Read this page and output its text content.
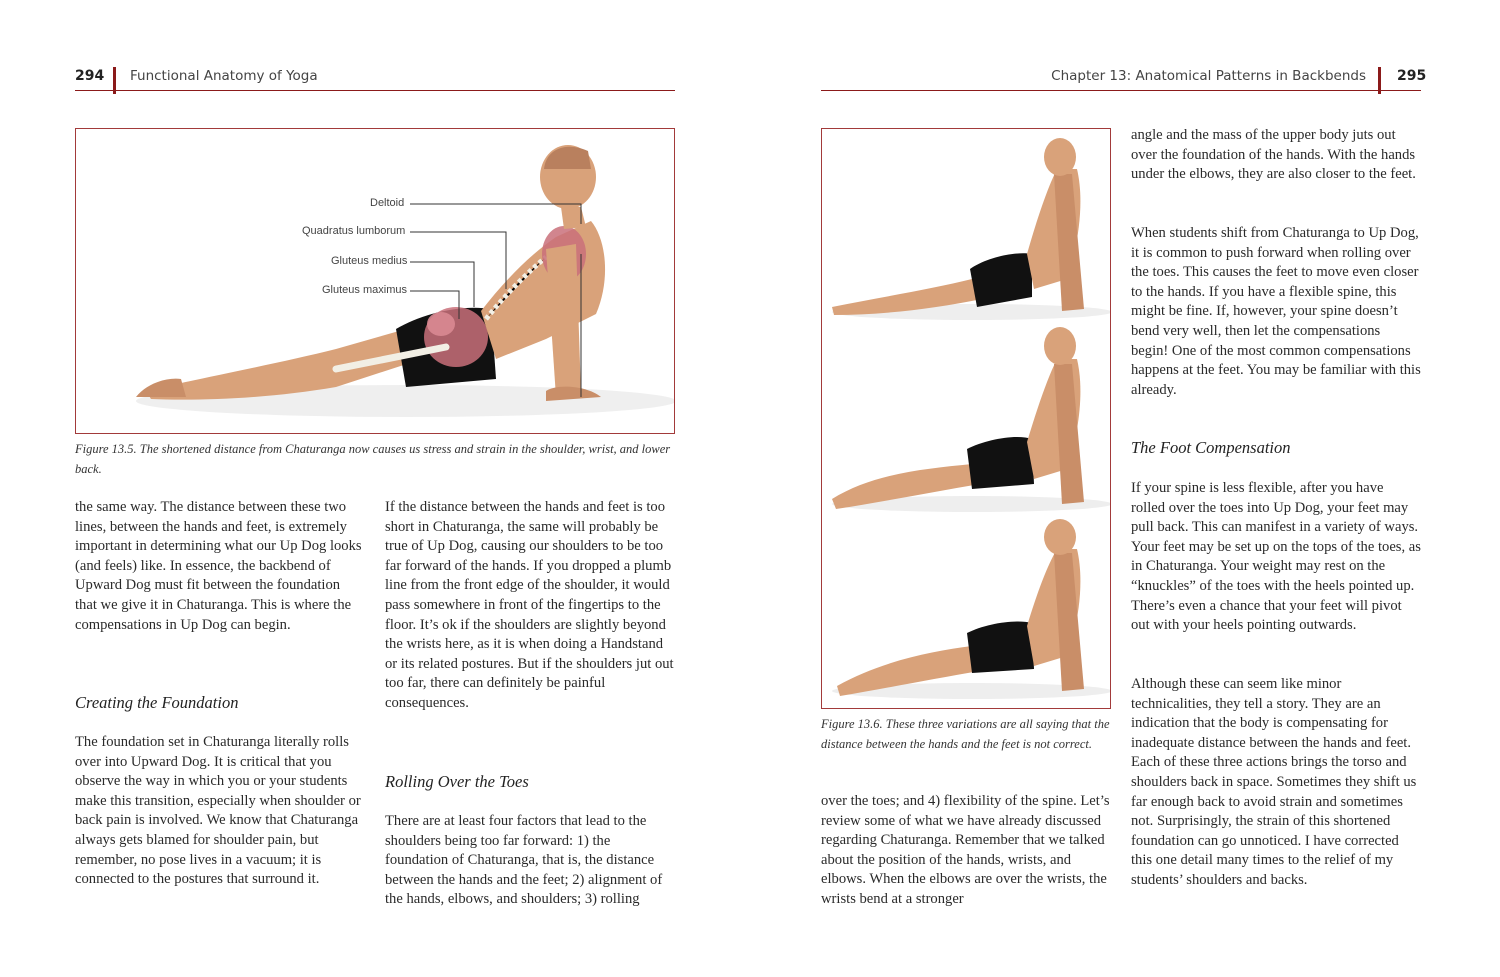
294 Functional Anatomy of Yoga	Chapter 13: Anatomical Patterns in Backbends 295
Deltoid
Quadratus lumborum
Gluteus medius
Gluteus maximus
Figure 13.5. The shortened distance from Chaturanga now causes us stress and strain in the shoulder, wrist, and lower back.
the same way. The distance between these two lines, between the hands and feet, is extremely important in determining what our Up Dog looks (and feels) like. In essence, the backbend of Upward Dog must fit between the foundation that we give it in Chaturanga. This is where the compensations in Up Dog can begin.
Creating the Foundation
The foundation set in Chaturanga literally rolls over into Upward Dog. It is critical that you observe the way in which you or your students make this transition, especially when shoulder or back pain is involved. We know that Chaturanga always gets blamed for shoulder pain, but remember, no pose lives in a vacuum; it is connected to the postures that surround it.
If the distance between the hands and feet is too short in Chaturanga, the same will probably be true of Up Dog, causing our shoulders to be too far forward of the hands. If you dropped a plumb line from the front edge of the shoulder, it would pass somewhere in front of the fingertips to the floor. It’s ok if the shoulders are slightly beyond the wrists here, as it is when doing a Handstand or its related postures. But if the shoulders jut out too far, there can definitely be painful consequences.
Rolling Over the Toes
There are at least four factors that lead to the shoulders being too far forward: 1) the foundation of Chaturanga, that is, the distance between the hands and the feet; 2) alignment of the hands, elbows, and shoulders; 3) rolling
Figure 13.6. These three variations are all saying that the distance between the hands and the feet is not correct.
over the toes; and 4) flexibility of the spine. Let’s review some of what we have already discussed regarding Chaturanga. Remember that we talked about the position of the hands, wrists, and elbows. When the elbows are over the wrists, the wrists bend at a stronger
angle and the mass of the upper body juts out over the foundation of the hands. With the hands under the elbows, they are also closer to the feet.
When students shift from Chaturanga to Up Dog, it is common to push forward when rolling over the toes. This causes the feet to move even closer to the hands. If you have a flexible spine, this might be fine. If, however, your spine doesn’t bend very well, then let the compensations begin! One of the most common compensations happens at the feet. You may be familiar with this already.
The Foot Compensation
If your spine is less flexible, after you have rolled over the toes into Up Dog, your feet may pull back. This can manifest in a variety of ways. Your feet may be set up on the tops of the toes, as in Chaturanga. Your weight may rest on the “knuckles” of the toes with the heels pointed up. There’s even a chance that your feet will pivot out with your heels pointing outwards.
Although these can seem like minor technicalities, they tell a story. They are an indication that the body is compensating for inadequate distance between the hands and feet. Each of these three actions brings the torso and shoulders back in space. Sometimes they shift us far enough back to avoid strain and sometimes not. Surprisingly, the strain of this shortened foundation can go unnoticed. I have corrected this one detail many times to the relief of my students’ shoulders and backs.
